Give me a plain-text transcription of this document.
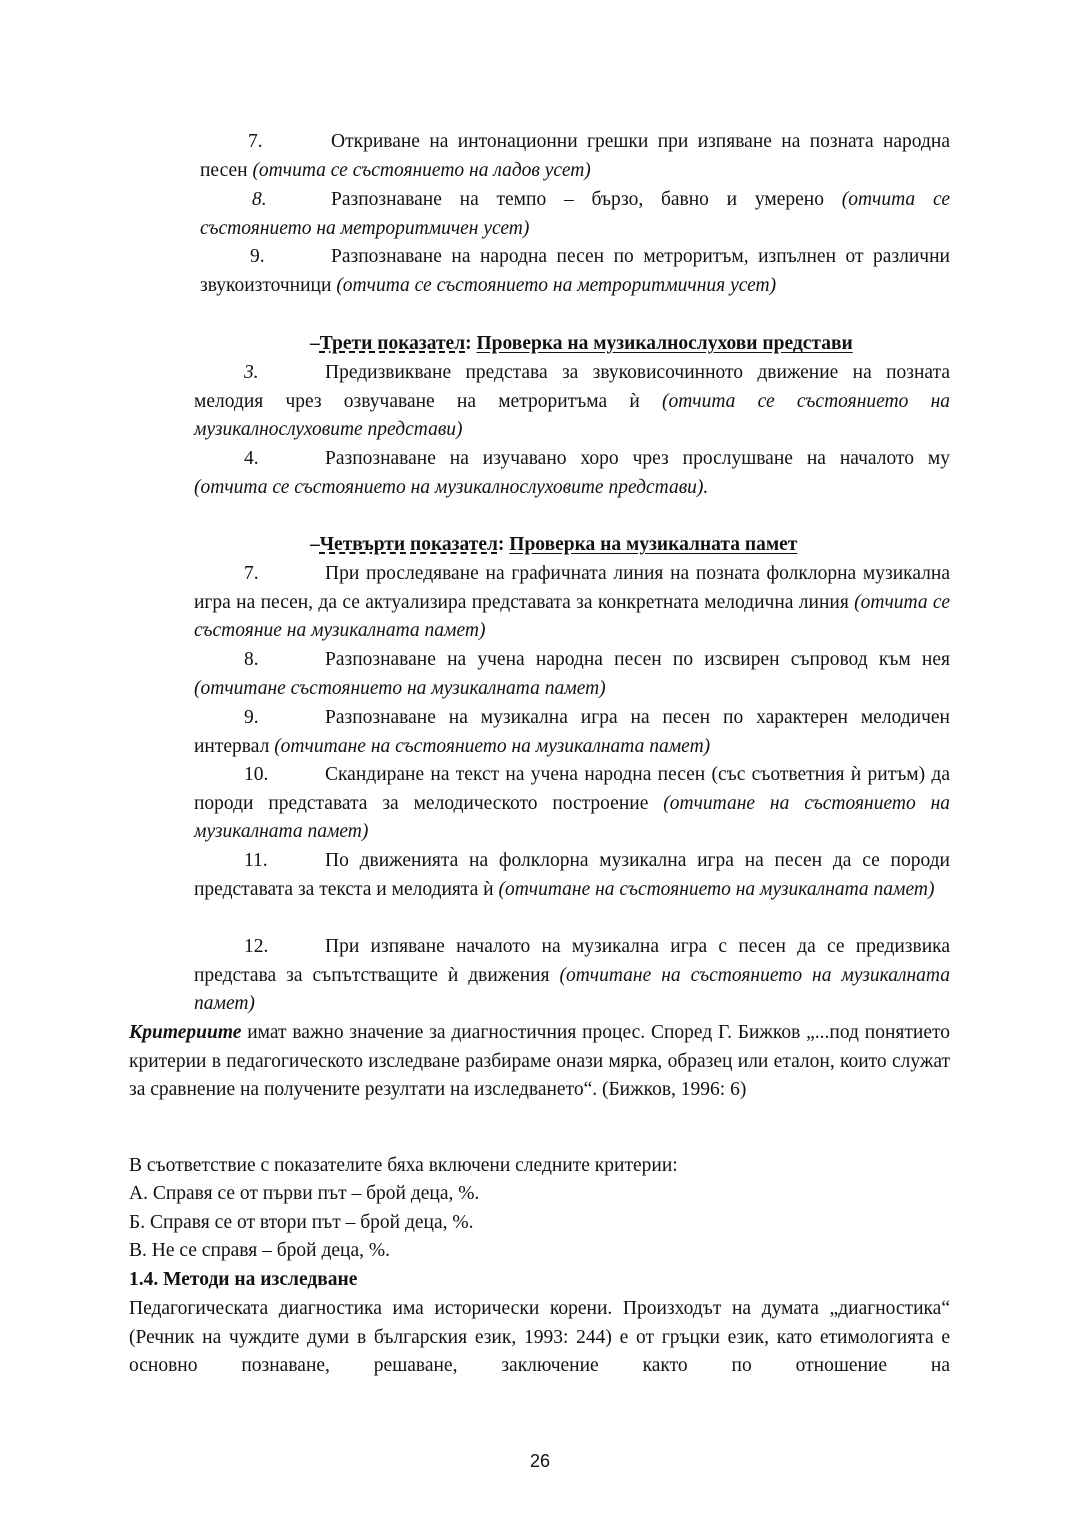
7.	Откриване на интонационни грешки при изпяване на позната народна песен (отчита се състоянието на ладов усет)

8.	Разпознаване на темпо – бързо, бавно и умерено (отчита се състоянието на метроритмичен усет)

9.	Разпознаване на народна песен по метроритъм, изпълнен от различни звукоизточници (отчита се състоянието на метроритмичния усет)

–Трети показател: Проверка на музикалнослухови представи
3.	Предизвикване представа за звуковисочинното движение на позната мелодия чрез озвучаване на метроритъма ѝ (отчита се състоянието на музикалнослуховите представи)

4.	Разпознаване на изучавано хоро чрез прослушване на началото му (отчита се състоянието на музикалнослуховите представи).

–Четвърти показател: Проверка на музикалната памет
7.	При проследяване на графичната линия на позната фолклорна музикална игра на песен, да се актуализира представата за конкретната мелодична линия (отчита се състояние на музикалната памет)

8.	Разпознаване на учена народна песен по изсвирен съпровод към нея (отчитане състоянието на музикалната памет)

9.	Разпознаване на музикална игра на песен по характерен мелодичен интервал (отчитане на състоянието на музикалната памет)

10.	Скандиране на текст на учена народна песен (със съответния ѝ ритъм) да породи представата за мелодическото построение (отчитане на състоянието на музикалната памет)

11.	По движенията на фолклорна музикална игра на песен да се породи представата за текста и мелодията ѝ (отчитане на състоянието на музикалната памет)

12.	При изпяване началото на музикална игра с песен да се предизвика представа за съпътстващите ѝ движения (отчитане на състоянието на музикалната памет)

Критериите имат важно значение за диагностичния процес. Според Г. Бижков „...под понятието критерии в педагогическото изследване разбираме онази мярка, образец или еталон, които служат за сравнение на получените резултати на изследването“. (Бижков, 1996: 6)
В съответствие с показателите бяха включени следните критерии:
А. Справя се от първи път – брой деца, %.
Б. Справя се от втори път – брой деца, %.
В. Не се справя – брой деца, %.
1.4. Методи на изследване
Педагогическата диагностика има исторически корени. Произходът на думата „диагностика“ (Речник на чуждите думи в българския език, 1993: 244) е от гръцки език, като етимологията е основно познаване, решаване, заключение както по отношение на
26
